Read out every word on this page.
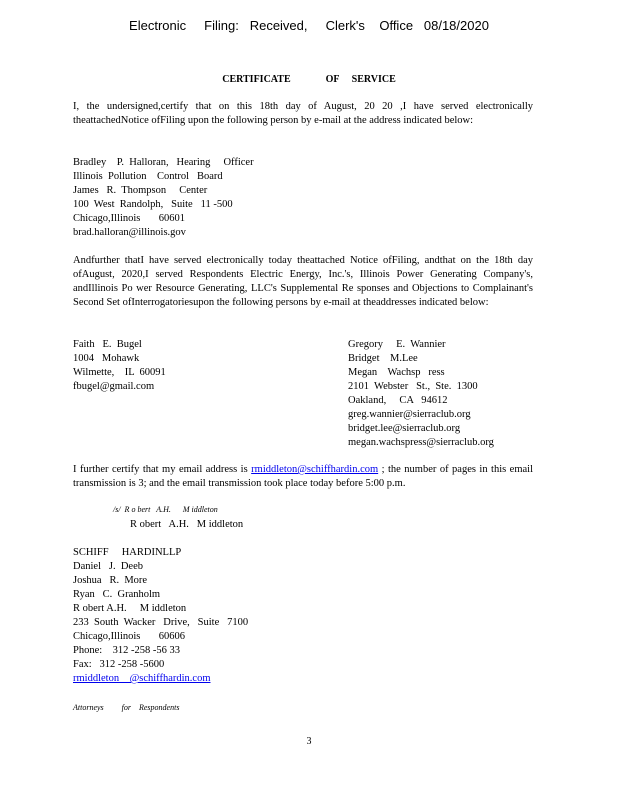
Electronic     Filing:   Received,     Clerk's    Office   08/18/2020
CERTIFICATE              OF     SERVICE
I, the undersigned,certify that on this 18th day of August, 20 20 ,I have served electronically theattachedNotice ofFiling upon the following person by e-mail at the address indicated below:
Bradley    P.  Halloran,   Hearing     Officer
Illinois  Pollution    Control   Board
James   R.  Thompson     Center
100  West  Randolph,   Suite   11 -500
Chicago,Illinois       60601
brad.halloran@illinois.gov
Andfurther thatI have served electronically today theattached Notice ofFiling, andthat on the 18th day ofAugust, 2020,I served Respondents Electric Energy, Inc.'s, Illinois Power Generating Company's, andIllinois Po wer Resource Generating, LLC's Supplemental Re sponses and Objections to Complainant's Second Set ofInterrogatoriesupon the following persons by e-mail at theaddresses indicated below:
Faith   E.  Bugel
1004   Mohawk
Wilmette,    IL  60091
fbugel@gmail.com
Gregory     E.  Wannier
Bridget    M.Lee
Megan    Wachsp   ress
2101  Webster   St.,  Ste.  1300
Oakland,     CA   94612
greg.wannier@sierraclub.org
bridget.lee@sierraclub.org
megan.wachspress@sierraclub.org
I further certify that my email address is rmiddleton@schiffhardin.com ; the number of pages in this email transmission is 3; and the email transmission took place today before 5:00 p.m.
/s/  R o bert   A.H.      M iddleton
R obert   A.H.   M iddleton
SCHIFF     HARDINLLP
Daniel   J.  Deeb
Joshua   R.  More
Ryan   C.  Granholm
R obert A.H.     M iddleton
233  South  Wacker   Drive,   Suite   7100
Chicago,Illinois       60606
Phone:    312 -258 -56 33
Fax:   312 -258 -5600
rmiddleton    @schiffhardin.com
Attorneys         for    Respondents
3
